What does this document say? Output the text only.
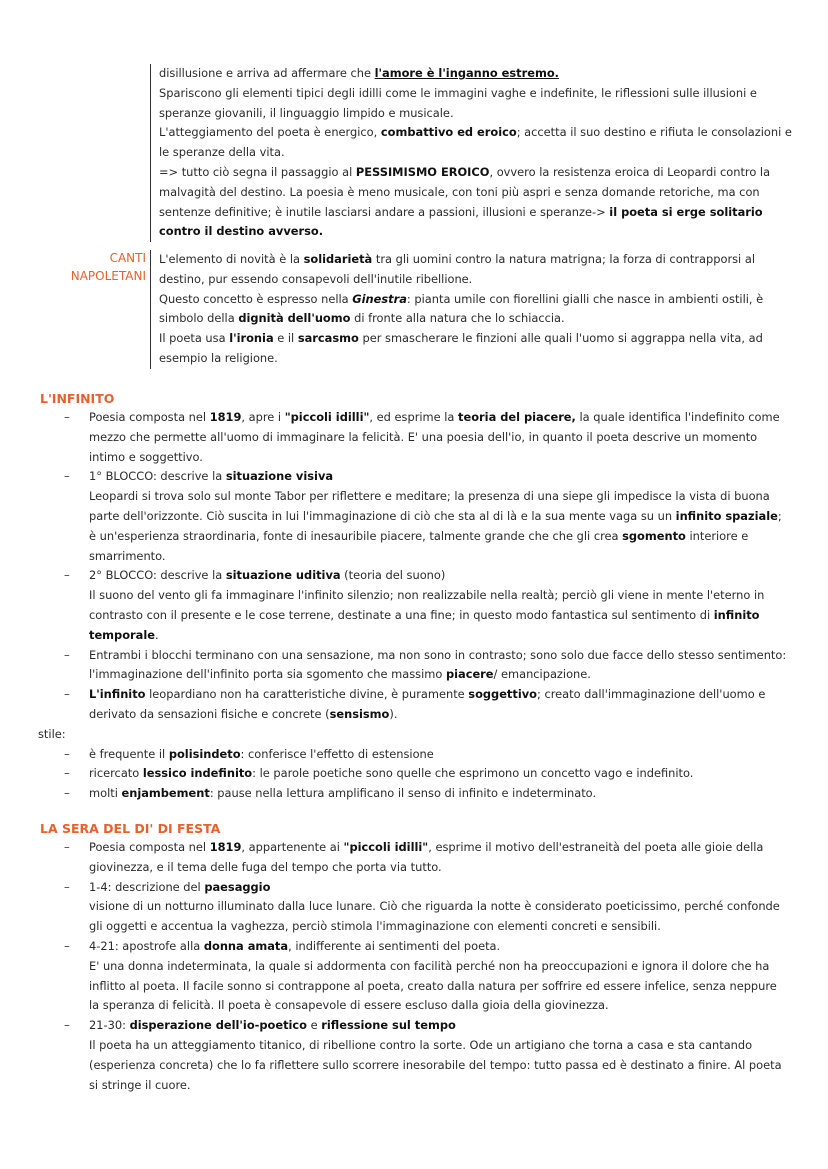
disillusione e arriva ad affermare che l'amore è l'inganno estremo.

Spariscono gli elementi tipici degli idilli come le immagini vaghe e indefinite, le riflessioni sulle illusioni e speranze giovanili, il linguaggio limpido e musicale.

L'atteggiamento del poeta è energico, combattivo ed eroico; accetta il suo destino e rifiuta le consolazioni e le speranze della vita.

=> tutto ciò segna il passaggio al PESSIMISMO EROICO, ovvero la resistenza eroica di Leopardi contro la malvagità del destino. La poesia è meno musicale, con toni più aspri e senza domande retoriche, ma con sentenze definitive; è inutile lasciarsi andare a passioni, illusioni e speranze-> il poeta si erge solitario contro il destino avverso.

CANTI NAPOLETANI

L'elemento di novità è la solidarietà tra gli uomini contro la natura matrigna; la forza di contrapporsi al destino, pur essendo consapevoli dell'inutile ribellione.

Questo concetto è espresso nella Ginestra: pianta umile con fiorellini gialli che nasce in ambienti ostili, è simbolo della dignità dell'uomo di fronte alla natura che lo schiaccia.

Il poeta usa l'ironia e il sarcasmo per smascherare le finzioni alle quali l'uomo si aggrappa nella vita, ad esempio la religione.

L'INFINITO
– Poesia composta nel 1819, apre i "piccoli idilli", ed esprime la teoria del piacere, la quale identifica l'indefinito come mezzo che permette all'uomo di immaginare la felicità. E' una poesia dell'io, in quanto il poeta descrive un momento intimo e soggettivo.
– 1° BLOCCO: descrive la situazione visiva
Leopardi si trova solo sul monte Tabor per riflettere e meditare; la presenza di una siepe gli impedisce la vista di buona parte dell'orizzonte. Ciò suscita in lui l'immaginazione di ciò che sta al di là e la sua mente vaga su un infinito spaziale; è un'esperienza straordinaria, fonte di inesauribile piacere, talmente grande che che gli crea sgomento interiore e smarrimento.
– 2° BLOCCO: descrive la situazione uditiva (teoria del suono)
Il suono del vento gli fa immaginare l'infinito silenzio; non realizzabile nella realtà; perciò gli viene in mente l'eterno in contrasto con il presente e le cose terrene, destinate a una fine; in questo modo fantastica sul sentimento di infinito temporale.
– Entrambi i blocchi terminano con una sensazione, ma non sono in contrasto; sono solo due facce dello stesso sentimento: l'immaginazione dell'infinito porta sia sgomento che massimo piacere/ emancipazione.
– L'infinito leopardiano non ha caratteristiche divine, è puramente soggettivo; creato dall'immaginazione dell'uomo e derivato da sensazioni fisiche e concrete (sensismo).

stile:

– è frequente il polisindeto: conferisce l'effetto di estensione
– ricercato lessico indefinito: le parole poetiche sono quelle che esprimono un concetto vago e indefinito.
– molti enjambement: pause nella lettura amplificano il senso di infinito e indeterminato.
LA SERA DEL DI' DI FESTA
– Poesia composta nel 1819, appartenente ai "piccoli idilli", esprime il motivo dell'estraneità del poeta alle gioie della giovinezza, e il tema delle fuga del tempo che porta via tutto.
– 1-4: descrizione del paesaggio
visione di un notturno illuminato dalla luce lunare. Ciò che riguarda la notte è considerato poeticissimo, perché confonde gli oggetti e accentua la vaghezza, perciò stimola l'immaginazione con elementi concreti e sensibili.
– 4-21: apostrofe alla donna amata, indifferente ai sentimenti del poeta.
E' una donna indeterminata, la quale si addormenta con facilità perché non ha preoccupazioni e ignora il dolore che ha inflitto al poeta. Il facile sonno si contrappone al poeta, creato dalla natura per soffrire ed essere infelice, senza neppure la speranza di felicità. Il poeta è consapevole di essere escluso dalla gioia della giovinezza.
– 21-30: disperazione dell'io-poetico e riflessione sul tempo
Il poeta ha un atteggiamento titanico, di ribellione contro la sorte. Ode un artigiano che torna a casa e sta cantando (esperienza concreta) che lo fa riflettere sullo scorrere inesorabile del tempo: tutto passa ed è destinato a finire. Al poeta si stringe il cuore.
